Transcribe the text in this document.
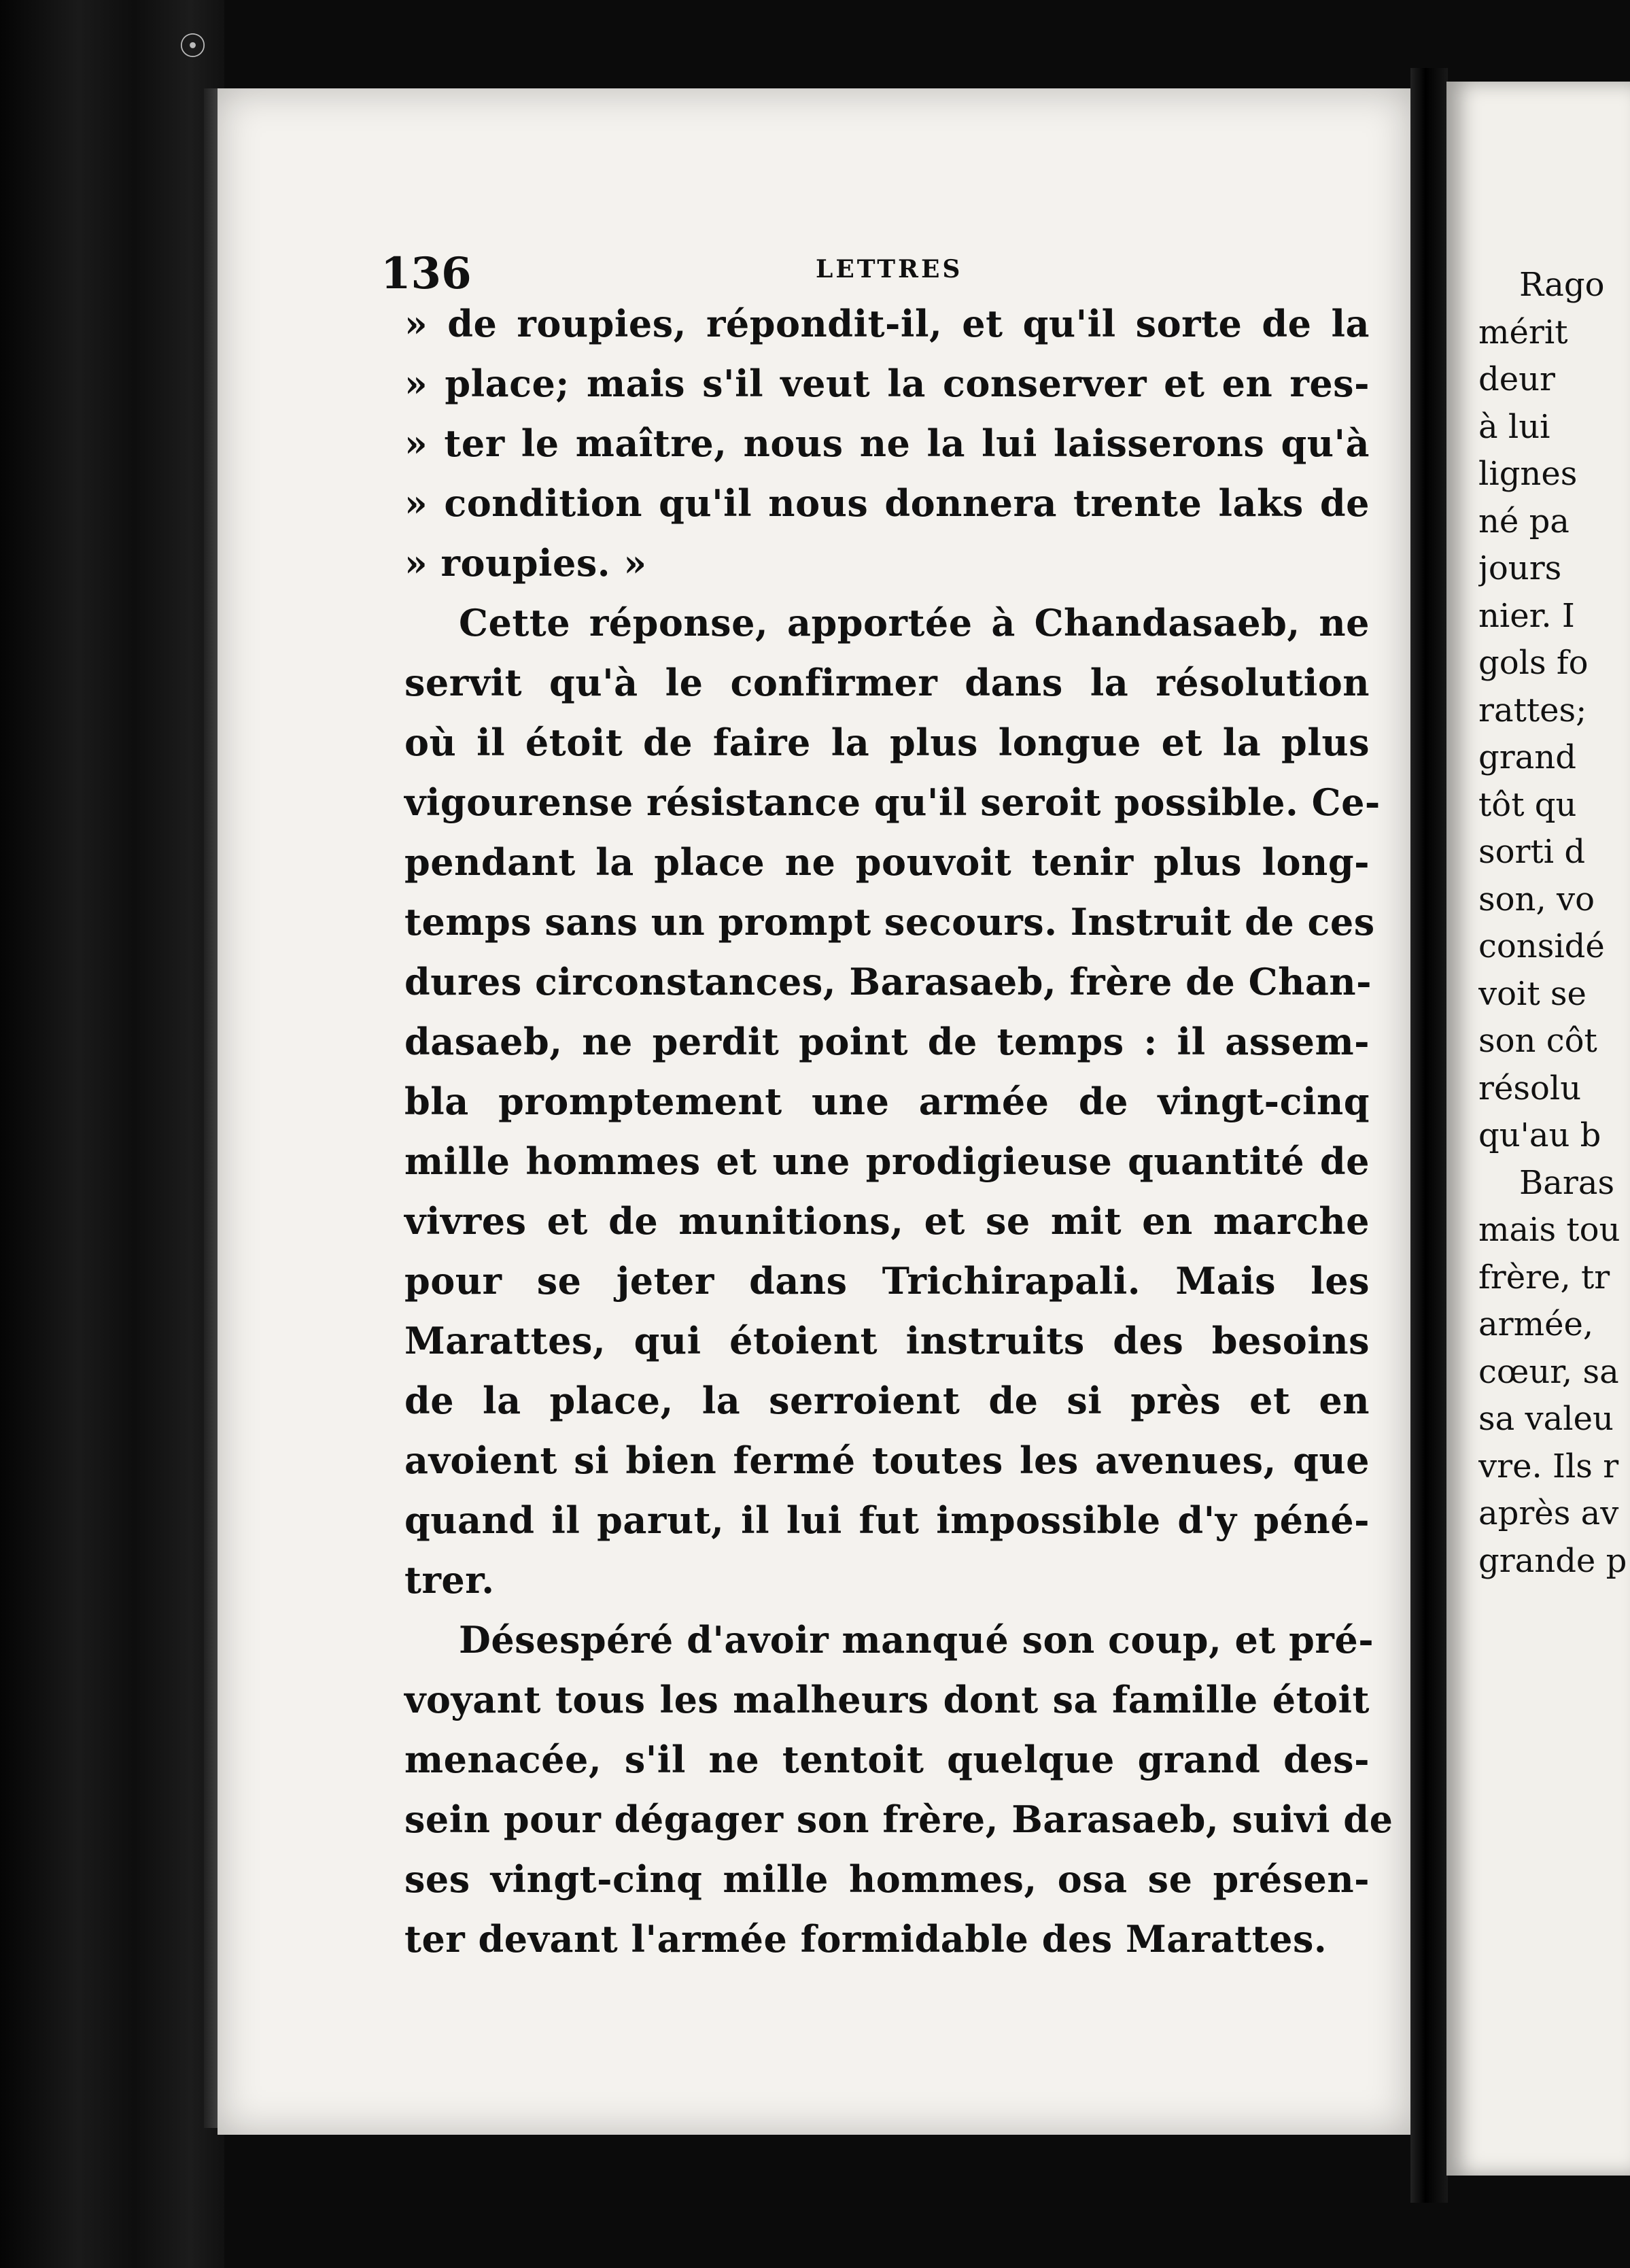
☉
136	LETTRES
» de roupies, répondit-il, et qu'il sorte de la
» place; mais s'il veut la conserver et en res-
» ter le maître, nous ne la lui laisserons qu'à
» condition qu'il nous donnera trente laks de
» roupies. »
Cette réponse, apportée à Chandasaeb, ne
servit qu'à le confirmer dans la résolution
où il étoit de faire la plus longue et la plus
vigourense résistance qu'il seroit possible. Ce-
pendant la place ne pouvoit tenir plus long-
temps sans un prompt secours. Instruit de ces
dures circonstances, Barasaeb, frère de Chan-
dasaeb, ne perdit point de temps : il assem-
bla promptement une armée de vingt-cinq
mille hommes et une prodigieuse quantité de
vivres et de munitions, et se mit en marche
pour se jeter dans Trichirapali. Mais les
Marattes, qui étoient instruits des besoins
de la place, la serroient de si près et en
avoient si bien fermé toutes les avenues, que
quand il parut, il lui fut impossible d'y péné-
trer.
Désespéré d'avoir manqué son coup, et pré-
voyant tous les malheurs dont sa famille étoit
menacée, s'il ne tentoit quelque grand des-
sein pour dégager son frère, Barasaeb, suivi de
ses vingt-cinq mille hommes, osa se présen-
ter devant l'armée formidable des Marattes.
Rago
mérit
deur
à lui
lignes
né pa
jours
nier. I
gols fo
rattes;
grand
tôt qu
sorti d
son, vo
considé
voit se
son côt
résolu
qu'au b
Baras
mais tou
frère, tr
armée,
cœur, sa
sa valeu
vre. Ils r
après av
grande p
